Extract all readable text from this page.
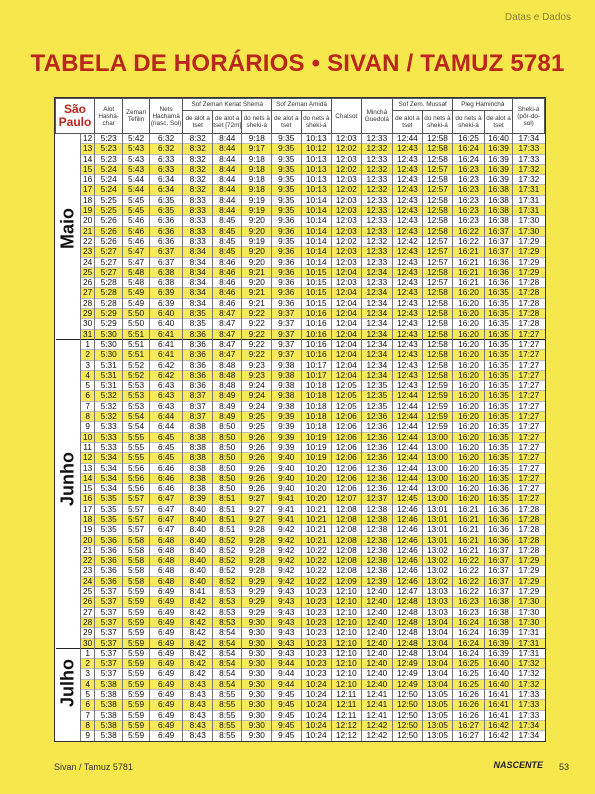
Datas e Dados
TABELA DE HORÁRIOS • SIVAN / TAMUZ 5781
São Paulo		Alot Hashá-char	Zeman Tefilin	Nets Hachamá (nasc. Sol)	Sof Zeman Keriat Shemá			Sof Zeman Amidá		Chatsot	Minchá Guedolá	Sof Zem. Mussaf		Pleg Haminchá		Sheki-á (pôr-do-sol)
					de alot a tset	de alot a tset [72m]	do nets à sheki-á	de alot a tset	do nets à sheki-á			de alot a tset	do nets à sheki-á	do nets à sheki-á	de alot a tset	

Maio	12	5:23	5:42	6:32	8:32	8:44	9:18	9:35	10:13	12:03	12:33	12:44	12:58	16:25	16:40	17:34
	13	5:23	5:43	6:32	8:32	8:44	9:17	9:35	10:12	12:02	12:32	12:43	12:58	16:24	16:39	17:33
	14	5:23	5:43	6:33	8:32	8:44	9:18	9:35	10:13	12:03	12:33	12:43	12:58	16:24	16:39	17:33
	15	5:24	5:43	6:33	8:32	8:44	9:18	9:35	10:13	12:02	12:32	12:43	12:57	16:23	16:39	17:32
	16	5:24	5:44	6:34	8:32	8:44	9:18	9:35	10:13	12:03	12:33	12:43	12:58	16:23	16:39	17:32
	17	5:24	5:44	6:34	8:32	8:44	9:18	9:35	10:13	12:02	12:32	12:43	12:57	16:23	16:38	17:31
	18	5:25	5:45	6:35	8:33	8:44	9:19	9:35	10:14	12:03	12:33	12:43	12:58	16:23	16:38	17:31
	19	5:25	5:45	6:35	8:33	8:44	9:19	9:35	10:14	12:03	12:33	12:43	12:58	16:23	16:38	17:31
	20	5:26	5:46	6:36	8:33	8:45	9:20	9:36	10:14	12:03	12:33	12:43	12:58	16:23	16:38	17:30
	21	5:26	5:46	6:36	8:33	8:45	9:20	9:36	10:14	12:03	12:33	12:43	12:58	16:22	16:37	17:30
	22	5:26	5:46	6:36	8:33	8:45	9:19	9:35	10:14	12:02	12:32	12:42	12:57	16:22	16:37	17:29
	23	5:27	5:47	6:37	8:34	8:45	9:20	9:36	10:14	12:03	12:33	12:43	12:57	16:21	16:37	17:29
	24	5:27	5:47	6:37	8:34	8:46	9:20	9:36	10:14	12:03	12:33	12:43	12:57	16:21	16:36	17:29
	25	5:27	5:48	6:38	8:34	8:46	9:21	9:36	10:15	12:04	12:34	12:43	12:58	16:21	16:36	17:29
	26	5:28	5:48	6:38	8:34	8:46	9:20	9:36	10:15	12:03	12:33	12:43	12:57	16:21	16:36	17:28
	27	5:28	5:49	6:39	8:34	8:46	9:21	9:36	10:15	12:04	12:34	12:43	12:58	16:20	16:35	17:28
	28	5:28	5:49	6:39	8:34	8:46	9:21	9:36	10:15	12:04	12:34	12:43	12:58	16:20	16:35	17:28
	29	5:29	5:50	6:40	8:35	8:47	9:22	9:37	10:16	12:04	12:34	12:43	12:58	16:20	16:35	17:28
	30	5:29	5:50	6:40	8:35	8:47	9:22	9:37	10:16	12:04	12:34	12:43	12:58	16:20	16:35	17:28
	31	5:30	5:51	6:41	8:36	8:47	9:22	9:37	10:16	12:04	12:34	12:43	12:58	16:20	16:35	17:27

Junho	1	5:30	5:51	6:41	8:36	8:47	9:22	9:37	10:16	12:04	12:34	12:43	12:58	16:20	16:35	17:27
	2	5:30	5:51	6:41	8:36	8:47	9:22	9:37	10:16	12:04	12:34	12:43	12:58	16:20	16:35	17:27
	3	5:31	5:52	6:42	8:36	8:48	9:23	9:38	10:17	12:04	12:34	12:43	12:58	16:20	16:35	17:27
	4	5:31	5:52	6:42	8:36	8:48	9:23	9:38	10:17	12:04	12:34	12:43	12:58	16:20	16:35	17:27
	5	5:31	5:53	6:43	8:36	8:48	9:24	9:38	10:18	12:05	12:35	12:43	12:59	16:20	16:35	17:27
	6	5:32	5:53	6:43	8:37	8:49	9:24	9:38	10:18	12:05	12:35	12:44	12:59	16:20	16:35	17:27
	7	5:32	5:53	6:43	8:37	8:49	9:24	9:38	10:18	12:05	12:35	12:44	12:59	16:20	16:35	17:27
	8	5:32	5:54	6:44	8:37	8:49	9:25	9:39	10:18	12:06	12:36	12:44	12:59	16:20	16:35	17:27
	9	5:33	5:54	6:44	8:38	8:50	9:25	9:39	10:18	12:06	12:36	12:44	12:59	16:20	16:35	17:27
	10	5:33	5:55	6:45	8:38	8:50	9:26	9:39	10:19	12:06	12:36	12:44	13:00	16:20	16:35	17:27
	11	5:33	5:55	6:45	8:38	8:50	9:26	9:39	10:19	12:06	12:36	12:44	13:00	16:20	16:35	17:27
	12	5:34	5:55	6:45	8:38	8:50	9:26	9:40	10:19	12:06	12:36	12:44	13:00	16:20	16:35	17:27
	13	5:34	5:56	6:46	8:38	8:50	9:26	9:40	10:20	12:06	12:36	12:44	13:00	16:20	16:35	17:27
	14	5:34	5:56	6:46	8:38	8:50	9:26	9:40	10:20	12:06	12:36	12:44	13:00	16:20	16:35	17:27
	15	5:34	5:56	6:46	8:38	8:50	9:26	9:40	10:20	12:06	12:36	12:44	13:00	16:20	16:36	17:27
	16	5:35	5:57	6:47	8:39	8:51	9:27	9:41	10:20	12:07	12:37	12:45	13:00	16:20	16:35	17:27
	17	5:35	5:57	6:47	8:40	8:51	9:27	9:41	10:21	12:08	12:38	12:46	13:01	16:21	16:36	17:28
	18	5:35	5:57	6:47	8:40	8:51	9:27	9:41	10:21	12:08	12:38	12:46	13:01	16:21	16:36	17:28
	19	5:35	5:57	6:47	8:40	8:51	9:28	9:42	10:21	12:08	12:38	12:46	13:01	16:21	16:36	17:28
	20	5:36	5:58	6:48	8:40	8:52	9:28	9:42	10:21	12:08	12:38	12:46	13:01	16:21	16:36	17:28
	21	5:36	5:58	6:48	8:40	8:52	9:28	9:42	10:22	12:08	12:38	12:46	13:02	16:21	16:37	17:28
	22	5:36	5:58	6:48	8:40	8:52	9:28	9:42	10:22	12:08	12:38	12:46	13:02	16:22	16:37	17:29
	23	5:36	5:58	6:48	8:40	8:52	9:28	9:42	10:22	12:08	12:38	12:46	13:02	16:22	16:37	17:29
	24	5:36	5:58	6:48	8:40	8:52	9:29	9:42	10:22	12:09	12:39	12:46	13:02	16:22	16:37	17:29
	25	5:37	5:59	6:49	8:41	8:53	9:29	9:43	10:23	12:10	12:40	12:47	13:03	16:22	16:37	17:29
	26	5:37	5:59	6:49	8:42	8:53	9:29	9:43	10:23	12:10	12:40	12:48	13:03	16:23	16:38	17:30
	27	5:37	5:59	6:49	8:42	8:53	9:29	9:43	10:23	12:10	12:40	12:48	13:03	16:23	16:38	17:30
	28	5:37	5:59	6:49	8:42	8:53	9:30	9:43	10:23	12:10	12:40	12:48	13:04	16:24	16:38	17:30
	29	5:37	5:59	6:49	8:42	8:54	9:30	9:43	10:23	12:10	12:40	12:48	13:04	16:24	16:39	17:31
	30	5:37	5:59	6:49	8:42	8:54	9:30	9:43	10:23	12:10	12:40	12:48	13:04	16:24	16:39	17:31

Julho	1	5:37	5:59	6:49	8:42	8:54	9:30	9:43	10:23	12:10	12:40	12:48	13:04	16:24	16:39	17:31
	2	5:37	5:59	6:49	8:42	8:54	9:30	9:44	10:23	12:10	12:40	12:49	13:04	16:25	16:40	17:32
	3	5:37	5:59	6:49	8:42	8:54	9:30	9:44	10:23	12:10	12:40	12:49	13:04	16:25	16:40	17:32
	4	5:38	5:59	6:49	8:43	8:54	9:30	9:44	10:24	12:10	12:40	12:49	13:04	16:25	16:40	17:32
	5	5:38	5:59	6:49	8:43	8:55	9:30	9:45	10:24	12:11	12:41	12:50	13:05	16:26	16:41	17:33
	6	5:38	5:59	6:49	8:43	8:55	9:30	9:45	10:24	12:11	12:41	12:50	13:05	16:26	16:41	17:33
	7	5:38	5:59	6:49	8:43	8:55	9:30	9:45	10:24	12:11	12:41	12:50	13:05	16:26	16:41	17:33
	8	5:38	5:59	6:49	8:43	8:55	9:30	9:45	10:24	12:12	12:42	12:50	13:05	16:27	16:42	17:34
	9	5:38	5:59	6:49	8:43	8:55	9:30	9:45	10:24	12:12	12:42	12:50	13:05	16:27	16:42	17:34
Sivan / Tamuz 5781	NASCENTE 53
